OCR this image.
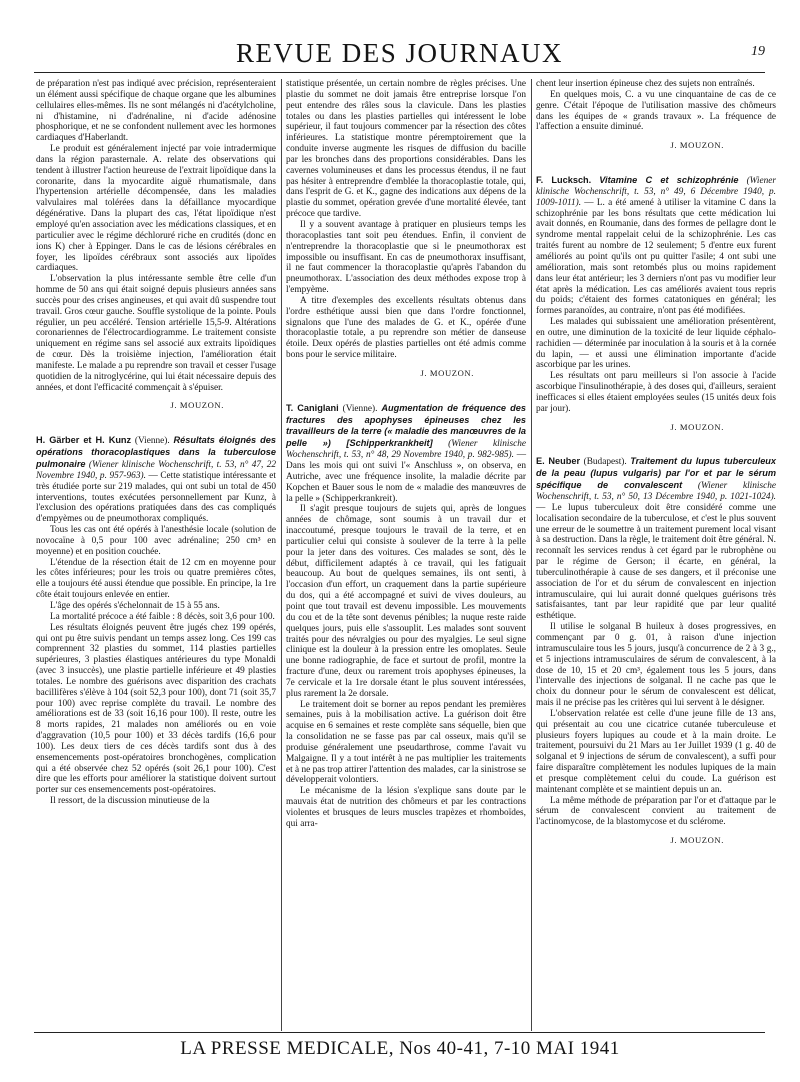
REVUE DES JOURNAUX	19

de préparation n'est pas indiqué avec précision, représenteraient un élément aussi spécifique de chaque organe que les albumines cellulaires elles-mêmes. Ils ne sont mélangés ni d'acétylcholine, ni d'histamine, ni d'adrénaline, ni d'acide adénosine phosphorique, et ne se confondent nullement avec les hormones cardiaques d'Haberlandt.

Le produit est généralement injecté par voie intradermique dans la région parasternale. A. relate des observations qui tendent à illustrer l'action heureuse de l'extrait lipoïdique dans la coronarite, dans la myocardite aiguë rhumatismale, dans l'hypertension artérielle décompensée, dans les maladies valvulaires mal tolérées dans la défaillance myocardique dégénérative. Dans la plupart des cas, l'état lipoïdique n'est employé qu'en association avec les médications classiques, et en particulier avec le régime déchloruré riche en crudités (donc en ions K) cher à Eppinger. Dans le cas de lésions cérébrales en foyer, les lipoïdes cérébraux sont associés aux lipoïdes cardiaques.

L'observation la plus intéressante semble être celle d'un homme de 50 ans qui était soigné depuis plusieurs années sans succès pour des crises angineuses, et qui avait dû suspendre tout travail. Gros cœur gauche. Souffle systolique de la pointe. Pouls régulier, un peu accéléré. Tension artérielle 15,5-9. Altérations coronariennes de l'électrocardiogramme. Le traitement consiste uniquement en régime sans sel associé aux extraits lipoïdiques de cœur. Dès la troisième injection, l'amélioration était manifeste. Le malade a pu reprendre son travail et cesser l'usage quotidien de la nitroglycérine, qui lui était nécessaire depuis des années, et dont l'efficacité commençait à s'épuiser.

J. MOUZON.

H. Gärber et H. Kunz (Vienne). Résultats éloignés des opérations thoracoplastiques dans la tuberculose pulmonaire (Wiener klinische Wochenschrift, t. 53, n° 47, 22 Novembre 1940, p. 957-963). — Cette statistique intéressante et très étudiée porte sur 219 malades, qui ont subi un total de 450 interventions, toutes exécutées personnellement par Kunz, à l'exclusion des opérations pratiquées dans des cas compliqués d'empyèmes ou de pneumothorax compliqués.

Tous les cas ont été opérés à l'anesthésie locale (solution de novocaïne à 0,5 pour 100 avec adrénaline; 250 cm³ en moyenne) et en position couchée.

L'étendue de la résection était de 12 cm en moyenne pour les côtes inférieures; pour les trois ou quatre premières côtes, elle a toujours été aussi étendue que possible. En principe, la 1re côte était toujours enlevée en entier.

L'âge des opérés s'échelonnait de 15 à 55 ans.

La mortalité précoce a été faible : 8 décès, soit 3,6 pour 100.

Les résultats éloignés peuvent être jugés chez 199 opérés, qui ont pu être suivis pendant un temps assez long. Ces 199 cas comprennent 32 plasties du sommet, 114 plasties partielles supérieures, 3 plasties élastiques antérieures du type Monaldi (avec 3 insuccès), une plastie partielle inférieure et 49 plasties totales. Le nombre des guérisons avec disparition des crachats bacillifères s'élève à 104 (soit 52,3 pour 100), dont 71 (soit 35,7 pour 100) avec reprise complète du travail. Le nombre des améliorations est de 33 (soit 16,16 pour 100). Il reste, outre les 8 morts rapides, 21 malades non améliorés ou en voie d'aggravation (10,5 pour 100) et 33 décès tardifs (16,6 pour 100). Les deux tiers de ces décès tardifs sont dus à des ensemencements post-opératoires bronchogènes, complication qui a été observée chez 52 opérés (soit 26,1 pour 100). C'est dire que les efforts pour améliorer la statistique doivent surtout porter sur ces ensemencements post-opératoires.

Il ressort, de la discussion minutieuse de la

statistique présentée, un certain nombre de règles précises. Une plastie du sommet ne doit jamais être entreprise lorsque l'on peut entendre des râles sous la clavicule. Dans les plasties totales ou dans les plasties partielles qui intéressent le lobe supérieur, il faut toujours commencer par la résection des côtes inférieures. La statistique montre péremptoirement que la conduite inverse augmente les risques de diffusion du bacille par les bronches dans des proportions considérables. Dans les cavernes volumineuses et dans les processus étendus, il ne faut pas hésiter à entreprendre d'emblée la thoracoplastie totale, qui, dans l'esprit de G. et K., gagne des indications aux dépens de la plastie du sommet, opération grevée d'une mortalité élevée, tant précoce que tardive.

Il y a souvent avantage à pratiquer en plusieurs temps les thoracoplasties tant soit peu étendues. Enfin, il convient de n'entreprendre la thoracoplastie que si le pneumothorax est impossible ou insuffisant. En cas de pneumothorax insuffisant, il ne faut commencer la thoracoplastie qu'après l'abandon du pneumothorax. L'association des deux méthodes expose trop à l'empyème.

A titre d'exemples des excellents résultats obtenus dans l'ordre esthétique aussi bien que dans l'ordre fonctionnel, signalons que l'une des malades de G. et K., opérée d'une thoracoplastie totale, a pu reprendre son métier de danseuse étoile. Deux opérés de plasties partielles ont été admis comme bons pour le service militaire.

J. MOUZON.

T. Caniglani (Vienne). Augmentation de fréquence des fractures des apophyses épineuses chez les travailleurs de la terre (« maladie des manœuvres de la pelle ») [Schipperkrankheit] (Wiener klinische Wochenschrift, t. 53, n° 48, 29 Novembre 1940, p. 982-985). — Dans les mois qui ont suivi l'« Anschluss », on observa, en Autriche, avec une fréquence insolite, la maladie décrite par Kopchen et Bauer sous le nom de « maladie des manœuvres de la pelle » (Schipperkrankreit).

Il s'agit presque toujours de sujets qui, après de longues années de chômage, sont soumis à un travail dur et inaccoutumé, presque toujours le travail de la terre, et en particulier celui qui consiste à soulever de la terre à la pelle pour la jeter dans des voitures. Ces malades se sont, dès le début, difficilement adaptés à ce travail, qui les fatiguait beaucoup. Au bout de quelques semaines, ils ont senti, à l'occasion d'un effort, un craquement dans la partie supérieure du dos, qui a été accompagné et suivi de vives douleurs, au point que tout travail est devenu impossible. Les mouvements du cou et de la tête sont devenus pénibles; la nuque reste raide quelques jours, puis elle s'assouplit. Les malades sont souvent traités pour des névralgies ou pour des myalgies. Le seul signe clinique est la douleur à la pression entre les omoplates. Seule une bonne radiographie, de face et surtout de profil, montre la fracture d'une, deux ou rarement trois apophyses épineuses, la 7e cervicale et la 1re dorsale étant le plus souvent intéressées, plus rarement la 2e dorsale.

Le traitement doit se borner au repos pendant les premières semaines, puis à la mobilisation active. La guérison doit être acquise en 6 semaines et reste complète sans séquelle, bien que la consolidation ne se fasse pas par cal osseux, mais qu'il se produise généralement une pseudarthrose, comme l'avait vu Malgaigne. Il y a tout intérêt à ne pas multiplier les traitements et à ne pas trop attirer l'attention des malades, car la sinistrose se développerait volontiers.

Le mécanisme de la lésion s'explique sans doute par le mauvais état de nutrition des chômeurs et par les contractions violentes et brusques de leurs muscles trapèzes et rhomboïdes, qui arra-

chent leur insertion épineuse chez des sujets non entraînés.

En quelques mois, C. a vu une cinquantaine de cas de ce genre. C'était l'époque de l'utilisation massive des chômeurs dans les équipes de « grands travaux ». La fréquence de l'affection a ensuite diminué.

J. MOUZON.

F. Lucksch. Vitamine C et schizophrénie (Wiener klinische Wochenschrift, t. 53, n° 49, 6 Décembre 1940, p. 1009-1011). — L. a été amené à utiliser la vitamine C dans la schizophrénie par les bons résultats que cette médication lui avait donnés, en Roumanie, dans des formes de pellagre dont le syndrome mental rappelait celui de la schizophrénie. Les cas traités furent au nombre de 12 seulement; 5 d'entre eux furent améliorés au point qu'ils ont pu quitter l'asile; 4 ont subi une amélioration, mais sont retombés plus ou moins rapidement dans leur état antérieur; les 3 derniers n'ont pas vu modifier leur état après la médication. Les cas améliorés avaient tous repris du poids; c'étaient des formes catatoniques en général; les formes paranoïdes, au contraire, n'ont pas été modifiées.

Les malades qui subissaient une amélioration présentèrent, en outre, une diminution de la toxicité de leur liquide céphalo-rachidien — déterminée par inoculation à la souris et à la cornée du lapin, — et aussi une élimination importante d'acide ascorbique par les urines.

Les résultats ont paru meilleurs si l'on associe à l'acide ascorbique l'insulinothérapie, à des doses qui, d'ailleurs, seraient inefficaces si elles étaient employées seules (15 unités deux fois par jour).

J. MOUZON.

E. Neuber (Budapest). Traitement du lupus tuberculeux de la peau (lupus vulgaris) par l'or et par le sérum spécifique de convalescent (Wiener klinische Wochenschrift, t. 53, n° 50, 13 Décembre 1940, p. 1021-1024). — Le lupus tuberculeux doit être considéré comme une localisation secondaire de la tuberculose, et c'est le plus souvent une erreur de le soumettre à un traitement purement local visant à sa destruction. Dans la règle, le traitement doit être général. N. reconnaît les services rendus à cet égard par le rubrophène ou par le régime de Gerson; il écarte, en général, la tuberculinothérapie à cause de ses dangers, et il préconise une association de l'or et du sérum de convalescent en injection intramusculaire, qui lui aurait donné quelques guérisons très satisfaisantes, tant par leur rapidité que par leur qualité esthétique.

Il utilise le solganal B huileux à doses progressives, en commençant par 0 g. 01, à raison d'une injection intramusculaire tous les 5 jours, jusqu'à concurrence de 2 à 3 g., et 5 injections intramusculaires de sérum de convalescent, à la dose de 10, 15 et 20 cm³, également tous les 5 jours, dans l'intervalle des injections de solganal. Il ne cache pas que le choix du donneur pour le sérum de convalescent est délicat, mais il ne précise pas les critères qui lui servent à le désigner.

L'observation relatée est celle d'une jeune fille de 13 ans, qui présentait au cou une cicatrice cutanée tuberculeuse et plusieurs foyers lupiques au coude et à la main droite. Le traitement, poursuivi du 21 Mars au 1er Juillet 1939 (1 g. 40 de solganal et 9 injections de sérum de convalescent), a suffi pour faire disparaître complètement les nodules lupiques de la main et presque complètement celui du coude. La guérison est maintenant complète et se maintient depuis un an.

La même méthode de préparation par l'or et d'attaque par le sérum de convalescent convient au traitement de l'actinomycose, de la blastomycose et du sclérome.

J. MOUZON.

LA PRESSE MEDICALE, Nos 40-41, 7-10 MAI 1941
